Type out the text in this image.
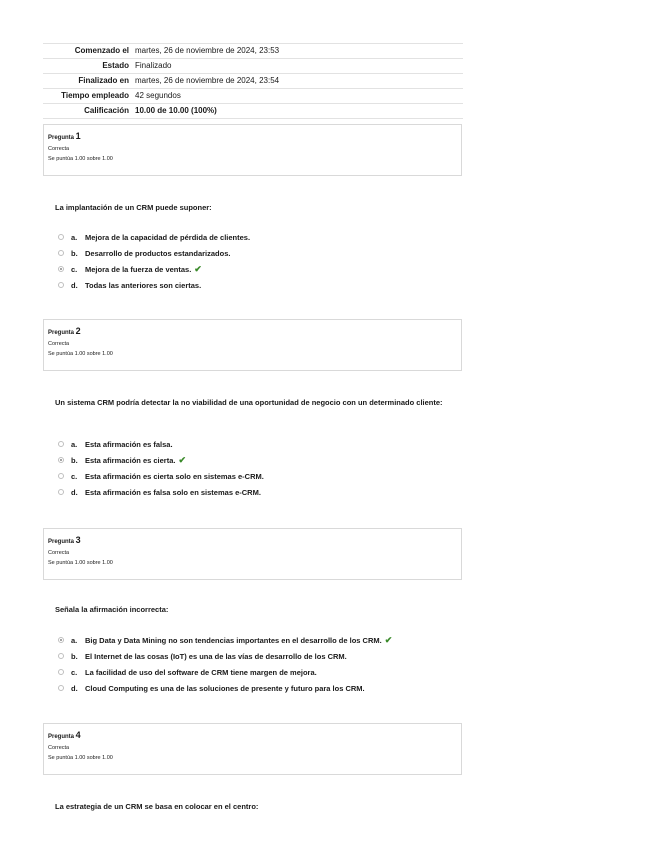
Comenzado el martes, 26 de noviembre de 2024, 23:53
Estado Finalizado
Finalizado en martes, 26 de noviembre de 2024, 23:54
Tiempo empleado 42 segundos
Calificación 10.00 de 10.00 (100%)
Pregunta 1
Correcta
Se puntúa 1.00 sobre 1.00
La implantación de un CRM puede suponer:
a.	Mejora de la capacidad de pérdida de clientes.
b. Desarrollo de productos estandarizados.
c.	Mejora de la fuerza de ventas. ✔
d. Todas las anteriores son ciertas.
Pregunta 2
Correcta
Se puntúa 1.00 sobre 1.00
Un sistema CRM podría detectar la no viabilidad de una oportunidad de negocio con un determinado cliente:
a.	Esta afirmación es falsa.
b. Esta afirmación es cierta. ✔
c.	Esta afirmación es cierta solo en sistemas e-CRM.
d. Esta afirmación es falsa solo en sistemas e-CRM.
Pregunta 3
Correcta
Se puntúa 1.00 sobre 1.00
Señala la afirmación incorrecta:
a.	Big Data y Data Mining no son tendencias importantes en el desarrollo de los CRM. ✔
b. El Internet de las cosas (IoT) es una de las vías de desarrollo de los CRM.
c.	La facilidad de uso del software de CRM tiene margen de mejora.
d. Cloud Computing es una de las soluciones de presente y futuro para los CRM.
Pregunta 4
Correcta
Se puntúa 1.00 sobre 1.00
La estrategia de un CRM se basa en colocar en el centro:
